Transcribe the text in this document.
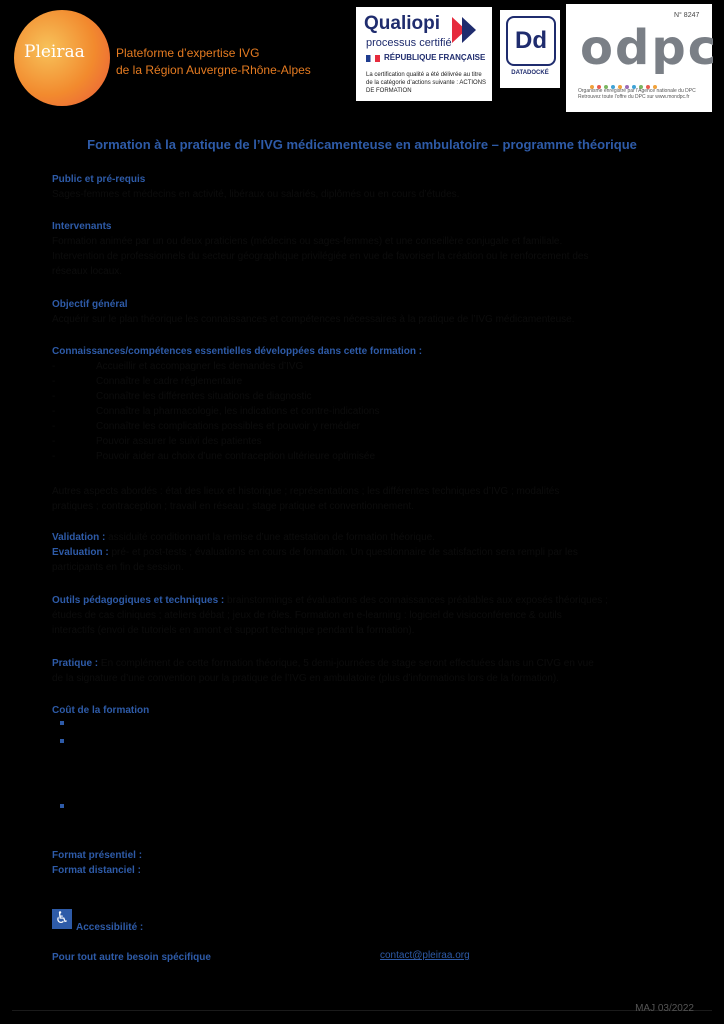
Pleiraa	Plateforme d’expertise IVG
de la Région Auvergne-Rhône-Alpes
Qualiopi
processus certifié
RÉPUBLIQUE FRANÇAISE
La certification qualité a été délivrée au titre de la catégorie d’actions suivante : ACTIONS DE FORMATION
Dd
DATADOCKÉ
N° 8247
odpc
Organisme enregistré par l'Agence nationale du DPC Retrouvez toute l'offre du DPC sur www.mondpc.fr
Formation à la pratique de l’IVG médicamenteuse en ambulatoire – programme théorique
Public et pré-requis
Sages-femmes et médecins en activité, libéraux ou salariés, diplômés ou en cours d’études.
Intervenants
Formation animée par un ou deux praticiens (médecins ou sages-femmes) et une conseillère conjugale et familiale.
Intervention de professionnels du secteur géographique privilégiée en vue de favoriser la création ou le renforcement des
réseaux locaux.
Objectif général
Acquérir sur le plan théorique les connaissances et compétences nécessaires à la pratique de l’IVG médicamenteuse.
Connaissances/compétences essentielles développées dans cette formation :
-	Accueillir et accompagner les demandes d’IVG
-	Connaître le cadre réglementaire
-	Connaître les différentes situations de diagnostic
-	Connaître la pharmacologie, les indications et contre-indications
-	Connaître les complications possibles et pouvoir y remédier
-	Pouvoir assurer le suivi des patientes
-	Pouvoir aider au choix d’une contraception ultérieure optimisée
Autres aspects abordés : état des lieux et historique ; représentations ; les différentes techniques d’IVG ; modalités
pratiques ; contraception ; travail en réseau ; stage pratique et conventionnement.
Validation : assiduité conditionnant la remise d’une attestation de formation théorique.
Evaluation : pré- et post-tests ; évaluations en cours de formation. Un questionnaire de satisfaction sera rempli par les
participants en fin de session.
Outils pédagogiques et techniques : brainstormings et évaluations des connaissances préalables aux exposés théoriques ;
études de cas cliniques ; ateliers débat ; jeux de rôles. Formation en e-learning : logiciel de visioconférence & outils
interactifs (envoi de tutoriels en amont et support technique pendant la formation).
Pratique : En complément de cette formation théorique, 5 demi-journées de stage seront effectuées dans un CIVG en vue
de la signature d’une convention pour la pratique de l’IVG en ambulatoire (plus d’informations lors de la formation).
Coût de la formation
Format présentiel :
Format distanciel :
♿
Accessibilité :
Pour tout autre besoin spécifique	contact@pleiraa.org
MAJ 03/2022
